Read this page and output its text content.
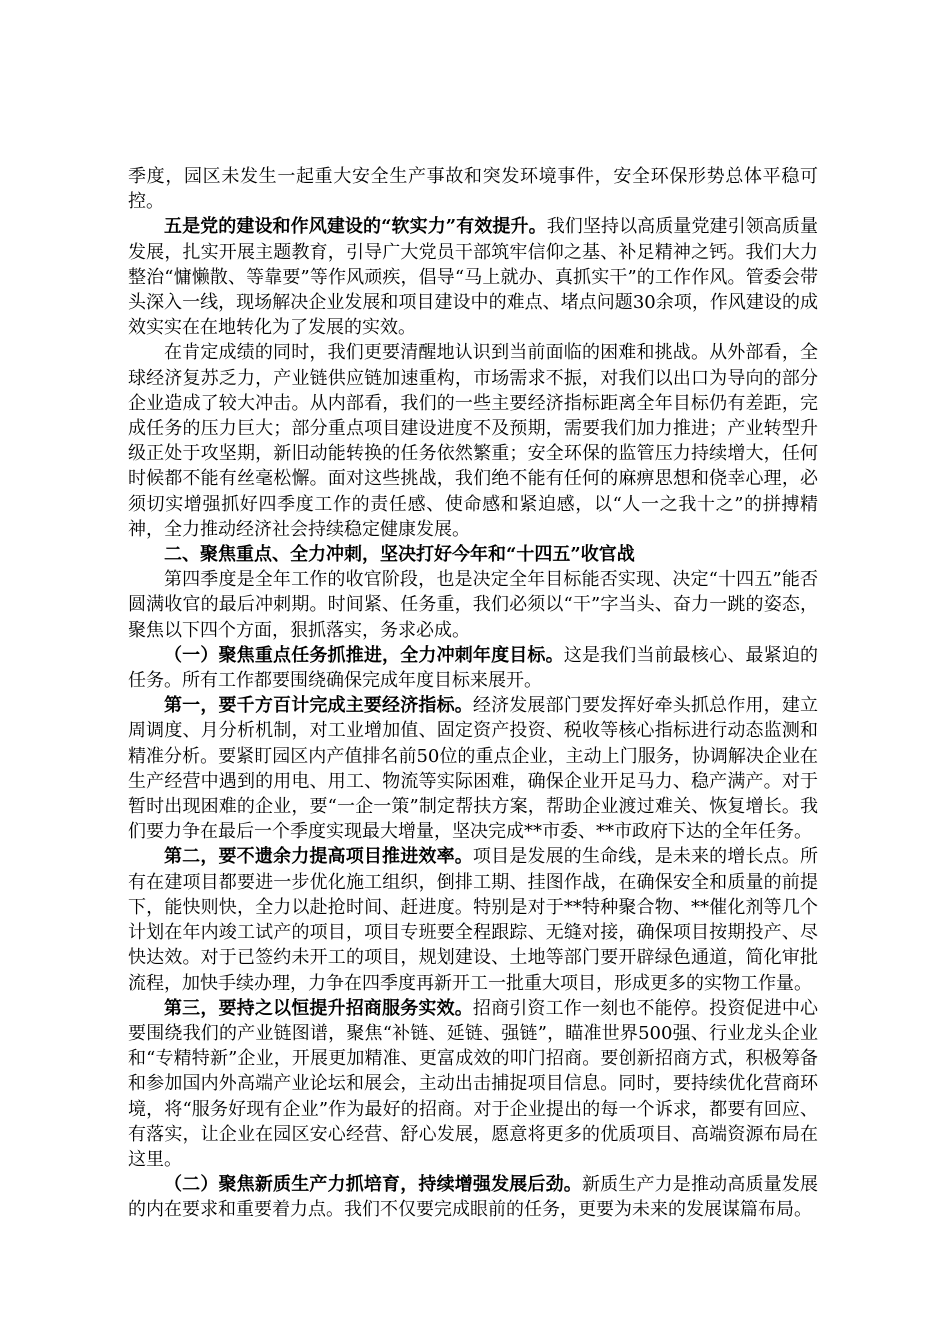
季度，园区未发生一起重大安全生产事故和突发环境事件，安全环保形势总体平稳可控。

五是党的建设和作风建设的“软实力”有效提升。我们坚持以高质量党建引领高质量发展，扎实开展主题教育，引导广大党员干部筑牢信仰之基、补足精神之钙。我们大力整治“慵懒散、等靠要”等作风顽疾，倡导“马上就办、真抓实干”的工作作风。管委会带头深入一线，现场解决企业发展和项目建设中的难点、堵点问题30余项，作风建设的成效实实在在地转化为了发展的实效。

在肯定成绩的同时，我们更要清醒地认识到当前面临的困难和挑战。从外部看，全球经济复苏乏力，产业链供应链加速重构，市场需求不振，对我们以出口为导向的部分企业造成了较大冲击。从内部看，我们的一些主要经济指标距离全年目标仍有差距，完成任务的压力巨大；部分重点项目建设进度不及预期，需要我们加力推进；产业转型升级正处于攻坚期，新旧动能转换的任务依然繁重；安全环保的监管压力持续增大，任何时候都不能有丝毫松懈。面对这些挑战，我们绝不能有任何的麻痹思想和侥幸心理，必须切实增强抓好四季度工作的责任感、使命感和紧迫感，以“人一之我十之”的拼搏精神，全力推动经济社会持续稳定健康发展。

二、聚焦重点、全力冲刺，坚决打好今年和“十四五”收官战

第四季度是全年工作的收官阶段，也是决定全年目标能否实现、决定“十四五”能否圆满收官的最后冲刺期。时间紧、任务重，我们必须以“干”字当头、奋力一跳的姿态，聚焦以下四个方面，狠抓落实，务求必成。

（一）聚焦重点任务抓推进，全力冲刺年度目标。这是我们当前最核心、最紧迫的任务。所有工作都要围绕确保完成年度目标来展开。

第一，要千方百计完成主要经济指标。经济发展部门要发挥好牵头抓总作用，建立周调度、月分析机制，对工业增加值、固定资产投资、税收等核心指标进行动态监测和精准分析。要紧盯园区内产值排名前50位的重点企业，主动上门服务，协调解决企业在生产经营中遇到的用电、用工、物流等实际困难，确保企业开足马力、稳产满产。对于暂时出现困难的企业，要“一企一策”制定帮扶方案，帮助企业渡过难关、恢复增长。我们要力争在最后一个季度实现最大增量，坚决完成**市委、**市政府下达的全年任务。

第二，要不遗余力提高项目推进效率。项目是发展的生命线，是未来的增长点。所有在建项目都要进一步优化施工组织，倒排工期、挂图作战，在确保安全和质量的前提下，能快则快，全力以赴抢时间、赶进度。特别是对于**特种聚合物、**催化剂等几个计划在年内竣工试产的项目，项目专班要全程跟踪、无缝对接，确保项目按期投产、尽快达效。对于已签约未开工的项目，规划建设、土地等部门要开辟绿色通道，简化审批流程，加快手续办理，力争在四季度再新开工一批重大项目，形成更多的实物工作量。

第三，要持之以恒提升招商服务实效。招商引资工作一刻也不能停。投资促进中心要围绕我们的产业链图谱，聚焦“补链、延链、强链”，瞄准世界500强、行业龙头企业和“专精特新”企业，开展更加精准、更富成效的叩门招商。要创新招商方式，积极筹备和参加国内外高端产业论坛和展会，主动出击捕捉项目信息。同时，要持续优化营商环境，将“服务好现有企业”作为最好的招商。对于企业提出的每一个诉求，都要有回应、有落实，让企业在园区安心经营、舒心发展，愿意将更多的优质项目、高端资源布局在这里。

（二）聚焦新质生产力抓培育，持续增强发展后劲。新质生产力是推动高质量发展的内在要求和重要着力点。我们不仅要完成眼前的任务，更要为未来的发展谋篇布局。
